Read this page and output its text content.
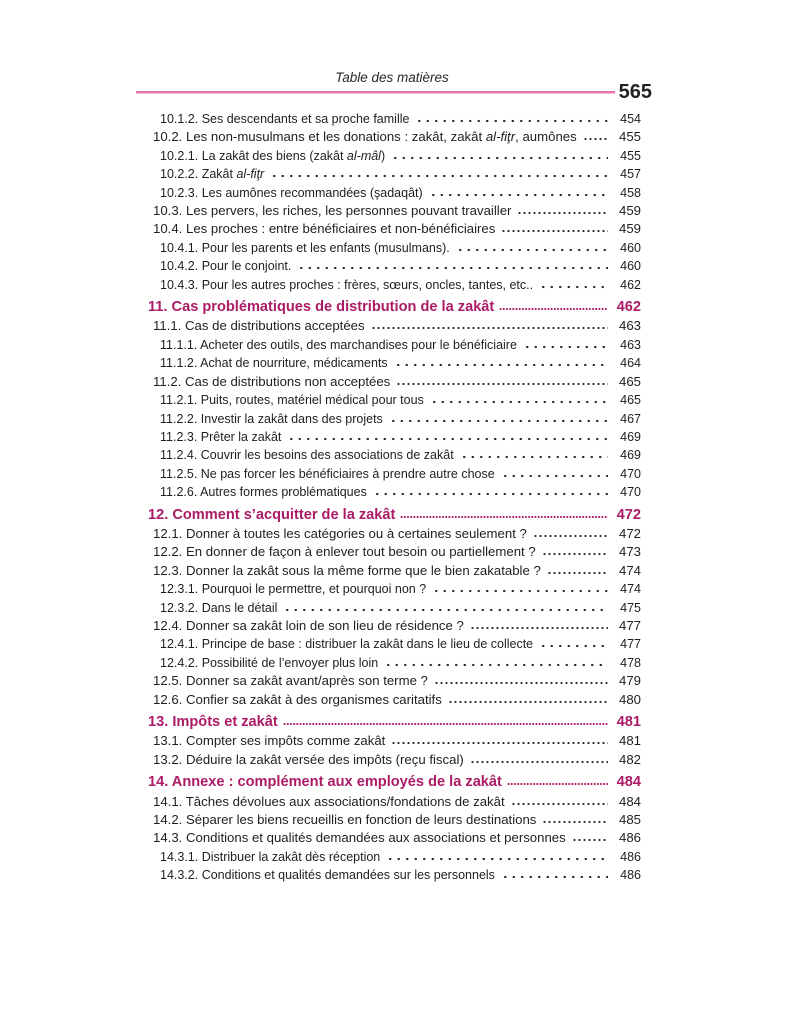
Table des matières
565
10.1.2. Ses descendants et sa proche famille	454
10.2. Les non-musulmans et les donations : zakât, zakât al-fiţr, aumônes	455
10.2.1. La zakât des biens (zakât al-mâl)	455
10.2.2. Zakât al-fiţr	457
10.2.3. Les aumônes recommandées (şadaqât)	458
10.3. Les pervers, les riches, les personnes pouvant travailler	459
10.4. Les proches : entre bénéficiaires et non-bénéficiaires	459
10.4.1. Pour les parents et les enfants (musulmans).	460
10.4.2. Pour le conjoint.	460
10.4.3. Pour les autres proches : frères, sœurs, oncles, tantes, etc..	462
11. Cas problématiques de distribution de la zakât	462
11.1. Cas de distributions acceptées	463
11.1.1. Acheter des outils, des marchandises pour le bénéficiaire	463
11.1.2. Achat de nourriture, médicaments	464
11.2. Cas de distributions non acceptées	465
11.2.1. Puits, routes, matériel médical pour tous	465
11.2.2. Investir la zakât dans des projets	467
11.2.3. Prêter la zakât	469
11.2.4. Couvrir les besoins des associations de zakât	469
11.2.5. Ne pas forcer les bénéficiaires à prendre autre chose	470
11.2.6. Autres formes problématiques	470
12. Comment s’acquitter de la zakât	472
12.1. Donner à toutes les catégories ou à certaines seulement ?	472
12.2. En donner de façon à enlever tout besoin ou partiellement ?	473
12.3. Donner la zakât sous la même forme que le bien zakatable ?	474
12.3.1. Pourquoi le permettre, et pourquoi non ?	474
12.3.2. Dans le détail	475
12.4. Donner sa zakât loin de son lieu de résidence ?	477
12.4.1. Principe de base : distribuer la zakât dans le lieu de collecte	477
12.4.2. Possibilité de l’envoyer plus loin	478
12.5. Donner sa zakât avant/après son terme ?	479
12.6. Confier sa zakât à des organismes caritatifs	480
13. Impôts et zakât	481
13.1. Compter ses impôts comme zakât	481
13.2. Déduire la zakât versée des impôts (reçu fiscal)	482
14. Annexe : complément aux employés de la zakât	484
14.1. Tâches dévolues aux associations/fondations de zakât	484
14.2. Séparer les biens recueillis en fonction de leurs destinations	485
14.3. Conditions et qualités demandées aux associations et personnes	486
14.3.1. Distribuer la zakât dès réception	486
14.3.2. Conditions et qualités demandées sur les personnels	486
